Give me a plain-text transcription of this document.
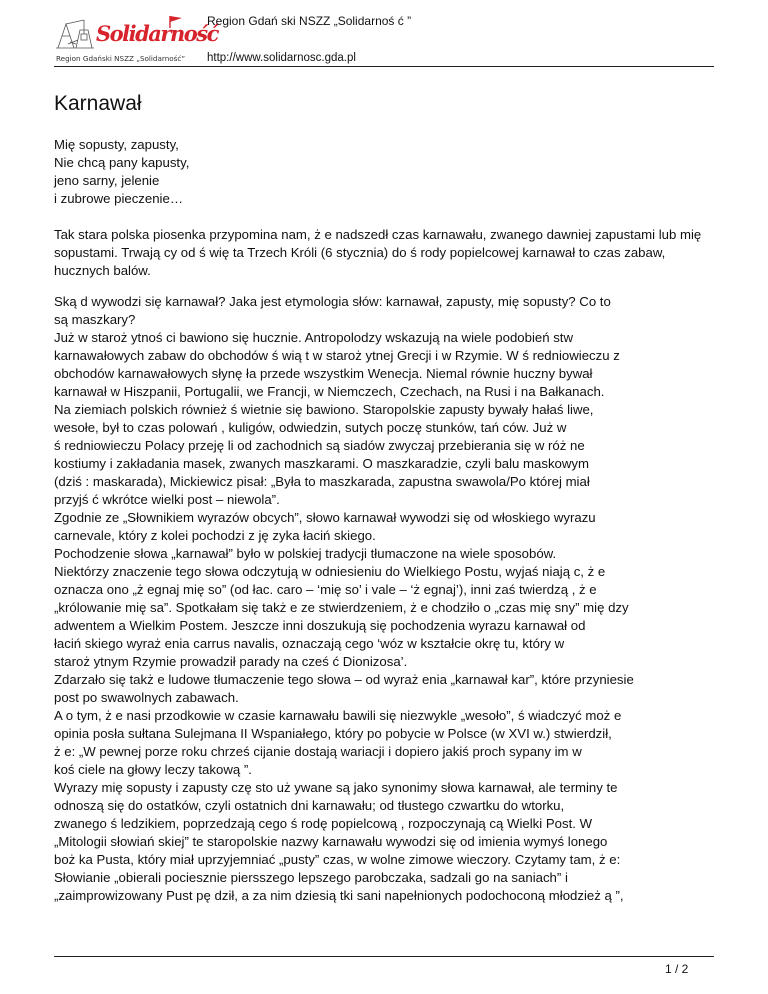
Solidarność
Region Gdański NSZZ „Solidarność”
Region Gdań ski NSZZ „Solidarnoś ć ”
http://www.solidarnosc.gda.pl
Karnawał
Mię sopusty, zapusty,
Nie chcą pany kapusty,
jeno sarny, jelenie
i zubrowe pieczenie…
Tak stara polska piosenka przypomina nam, ż e nadszedł czas karnawału, zwanego dawniej zapustami lub mię sopustami. Trwają cy od ś wię ta Trzech Króli (6 stycznia) do ś rody popielcowej karnawał to czas zabaw, hucznych balów.
Ską d wywodzi się karnawał? Jaka jest etymologia słów: karnawał, zapusty, mię sopusty? Co to
są maszkary?
Już w staroż ytnoś ci bawiono się hucznie. Antropolodzy wskazują na wiele podobień stw
karnawałowych zabaw do obchodów ś wią t w staroż ytnej Grecji i w Rzymie. W ś redniowieczu z
obchodów karnawałowych słynę ła przede wszystkim Wenecja. Niemal równie huczny bywał
karnawał w Hiszpanii, Portugalii, we Francji, w Niemczech, Czechach, na Rusi i na Bałkanach.
Na ziemiach polskich również ś wietnie się bawiono. Staropolskie zapusty bywały hałaś liwe,
wesołe, był to czas polowań , kuligów, odwiedzin, sutych poczę stunków, tań ców. Już w
ś redniowieczu Polacy przeję li od zachodnich są siadów zwyczaj przebierania się w róż ne
kostiumy i zakładania masek, zwanych maszkarami. O maszkaradzie, czyli balu maskowym
(dziś : maskarada), Mickiewicz pisał: „Była to maszkarada, zapustna swawola/Po której miał
przyjś ć wkrótce wielki post – niewola”.
Zgodnie ze „Słownikiem wyrazów obcych”, słowo karnawał wywodzi się od włoskiego wyrazu
carnevale, który z kolei pochodzi z ję zyka łaciń skiego.
Pochodzenie słowa „karnawał” było w polskiej tradycji tłumaczone na wiele sposobów.
Niektórzy znaczenie tego słowa odczytują w odniesieniu do Wielkiego Postu, wyjaś niają c, ż e
oznacza ono „ż egnaj mię so” (od łac. caro – ‘mię so’ i vale – ‘ż egnaj’), inni zaś twierdzą , ż e
„królowanie mię sa”. Spotkałam się takż e ze stwierdzeniem, ż e chodziło o „czas mię sny” mię dzy
adwentem a Wielkim Postem. Jeszcze inni doszukują się pochodzenia wyrazu karnawał od
łaciń skiego wyraż enia carrus navalis, oznaczają cego ‘wóz w kształcie okrę tu, który w
staroż ytnym Rzymie prowadził parady na cześ ć Dionizosa’.
Zdarzało się takż e ludowe tłumaczenie tego słowa – od wyraż enia „karnawał kar”, które przyniesie
post po swawolnych zabawach.
A o tym, ż e nasi przodkowie w czasie karnawału bawili się niezwykle „wesoło”, ś wiadczyć moż e
opinia posła sułtana Sulejmana II Wspaniałego, który po pobycie w Polsce (w XVI w.) stwierdził,
ż e: „W pewnej porze roku chrześ cijanie dostają wariacji i dopiero jakiś proch sypany im w
koś ciele na głowy leczy takową ”.
Wyrazy mię sopusty i zapusty czę sto uż ywane są jako synonimy słowa karnawał, ale terminy te
odnoszą się do ostatków, czyli ostatnich dni karnawału; od tłustego czwartku do wtorku,
zwanego ś ledzikiem, poprzedzają cego ś rodę popielcową , rozpoczynają cą Wielki Post. W
„Mitologii słowiań skiej” te staropolskie nazwy karnawału wywodzi się od imienia wymyś lonego
boż ka Pusta, który miał uprzyjemniać „pusty” czas, w wolne zimowe wieczory. Czytamy tam, ż e:
Słowianie „obierali pociesznie piersszego lepszego parobczaka, sadzali go na saniach” i
„zaimprowizowany Pust pę dził, a za nim dziesią tki sani napełnionych podochoconą młodzież ą ”,
1 / 2
